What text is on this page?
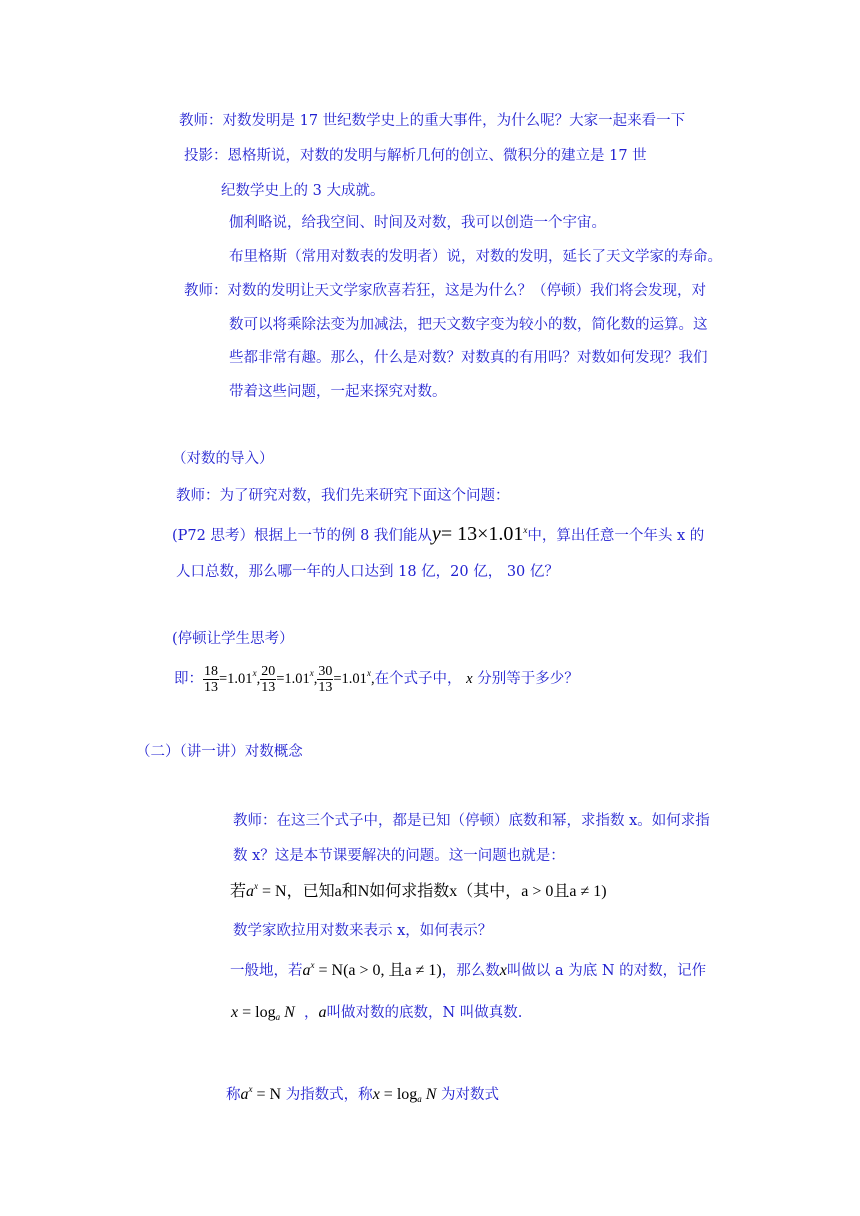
教师：对数发明是 17 世纪数学史上的重大事件，为什么呢？大家一起来看一下
投影：恩格斯说，对数的发明与解析几何的创立、微积分的建立是 17 世
纪数学史上的 3 大成就。
伽利略说，给我空间、时间及对数，我可以创造一个宇宙。
布里格斯（常用对数表的发明者）说，对数的发明，延长了天文学家的寿命。
教师：对数的发明让天文学家欣喜若狂，这是为什么？（停顿）我们将会发现，对
数可以将乘除法变为加减法，把天文数字变为较小的数，简化数的运算。这
些都非常有趣。那么，什么是对数？对数真的有用吗？对数如何发现？我们
带着这些问题，一起来探究对数。
（对数的导入）
教师：为了研究对数，我们先来研究下面这个问题：
(P72 思考）根据上一节的例 8 我们能从$y= 13\times 1.01^x$中，算出任意一个年头 x 的
人口总数，那么哪一年的人口达到 18 亿，20 亿， 30 亿？
(停顿让学生思考）
即： $\frac{18}{13} =1.01^x$, $\frac{20}{13} =1.01^x$, $\frac{30}{13} =1.01^x$, 在个式子中，
x
分别等于多少？
（二）（讲一讲）对数概念
教师：在这三个式子中，都是已知（停顿）底数和幂，求指数 x。如何求指
数 x？这是本节课要解决的问题。这一问题也就是：
若$a^x = N$，已知a和N如何求指数x（其中，a > 0且a ≠ 1)
数学家欧拉用对数来表示 x，如何表示？
一般地，若$a^x = N(a > 0$, 且a ≠ 1)，那么数x叫做以 a 为底 N 的对数，记作
$x = \log_a N$ ，a叫做对数的底数，N 叫做真数.
称$a^x = N$ 为指数式，称$x = \log_a N$ 为对数式
